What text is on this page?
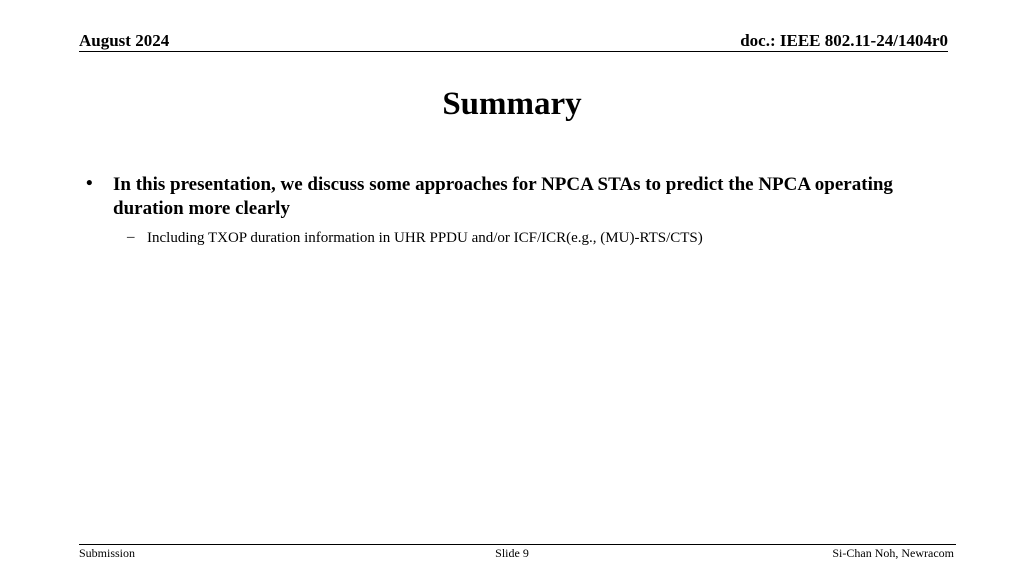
August 2024	doc.: IEEE 802.11-24/1404r0
Summary
• In this presentation, we discuss some approaches for NPCA STAs to predict the NPCA operating duration more clearly
– Including TXOP duration information in UHR PPDU and/or ICF/ICR(e.g., (MU)-RTS/CTS)
Submission	Slide 9	Si-Chan Noh, Newracom
